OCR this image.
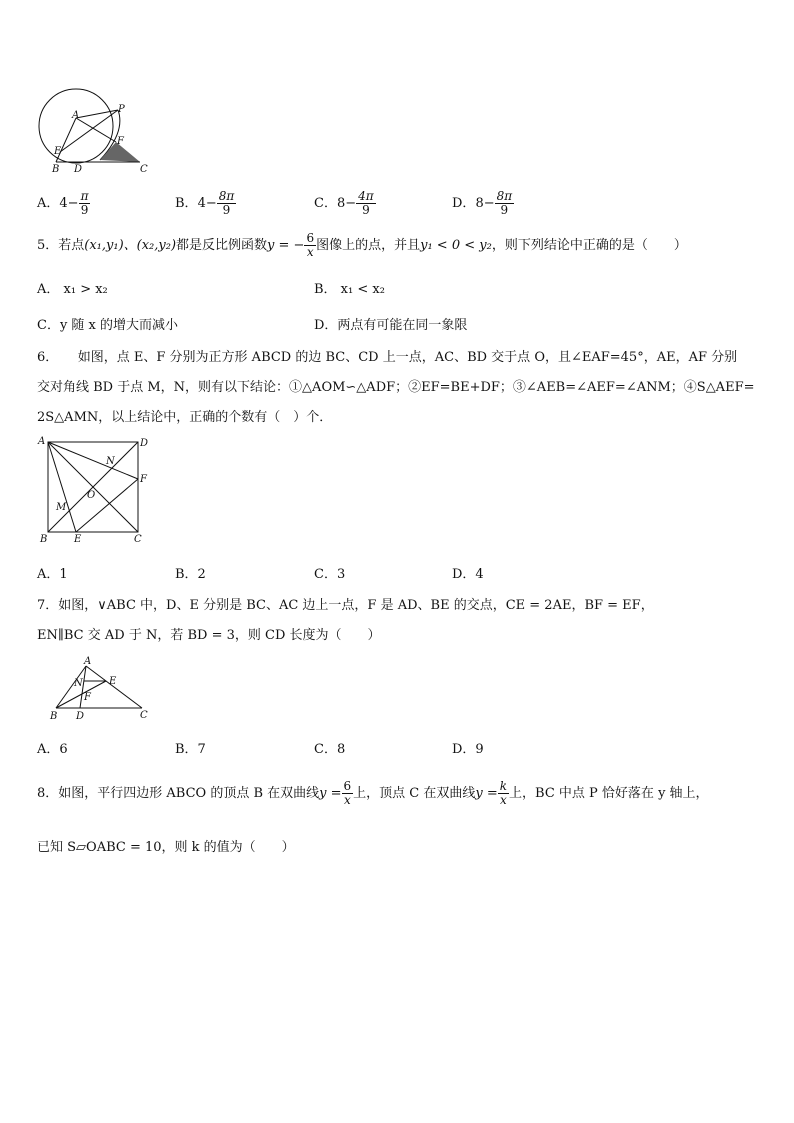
P
A
F
E
B D	C
A．$4- \frac{\pi}{9}$	B．$4- \frac{8\pi}{9}$	C．$8- \frac{4\pi}{9}$	D．$8- \frac{8\pi}{9}$
5．若点(x₁,y₁)、(x₂,y₂)都是反比例函数y = − $\frac{6}{x}$ 图像上的点，并且y₁ < 0 < y₂，则下列结论中正确的是（　　）
A． x₁ > x₂	B． x₁ < x₂
C．y 随 x 的增大而减小	D．两点有可能在同一象限
6．　　如图，点 E、F 分别为正方形 ABCD 的边 BC、CD 上一点，AC、BD 交于点 O，且∠EAF=45°，AE，AF 分别
交对角线 BD 于点 M，N，则有以下结论：①△AOM∽△ADF；②EF=BE+DF；③∠AEB=∠AEF=∠ANM；④S△AEF=
2S△AMN，以上结论中，正确的个数有（　）个．
A	D
N
F
O
M
B	E	C
A．1	B．2	C．3	D．4
7．如图，∨ABC 中，D、E 分别是 BC、AC 边上一点，F 是 AD、BE 的交点，CE = 2AE，BF = EF，
EN∥BC 交 AD 于 N，若 BD = 3，则 CD 长度为（　　）
A
N	E
F
B D	C
A．6	B．7	C．8	D．9
8．如图，平行四边形 ABCO 的顶点 B 在双曲线$y = \frac{6}{x}$ 上，顶点 C 在双曲线$y = \frac{k}{x}$ 上，BC 中点 P 恰好落在 y 轴上，
已知 S▱OABC = 10，则 k 的值为（　　）
